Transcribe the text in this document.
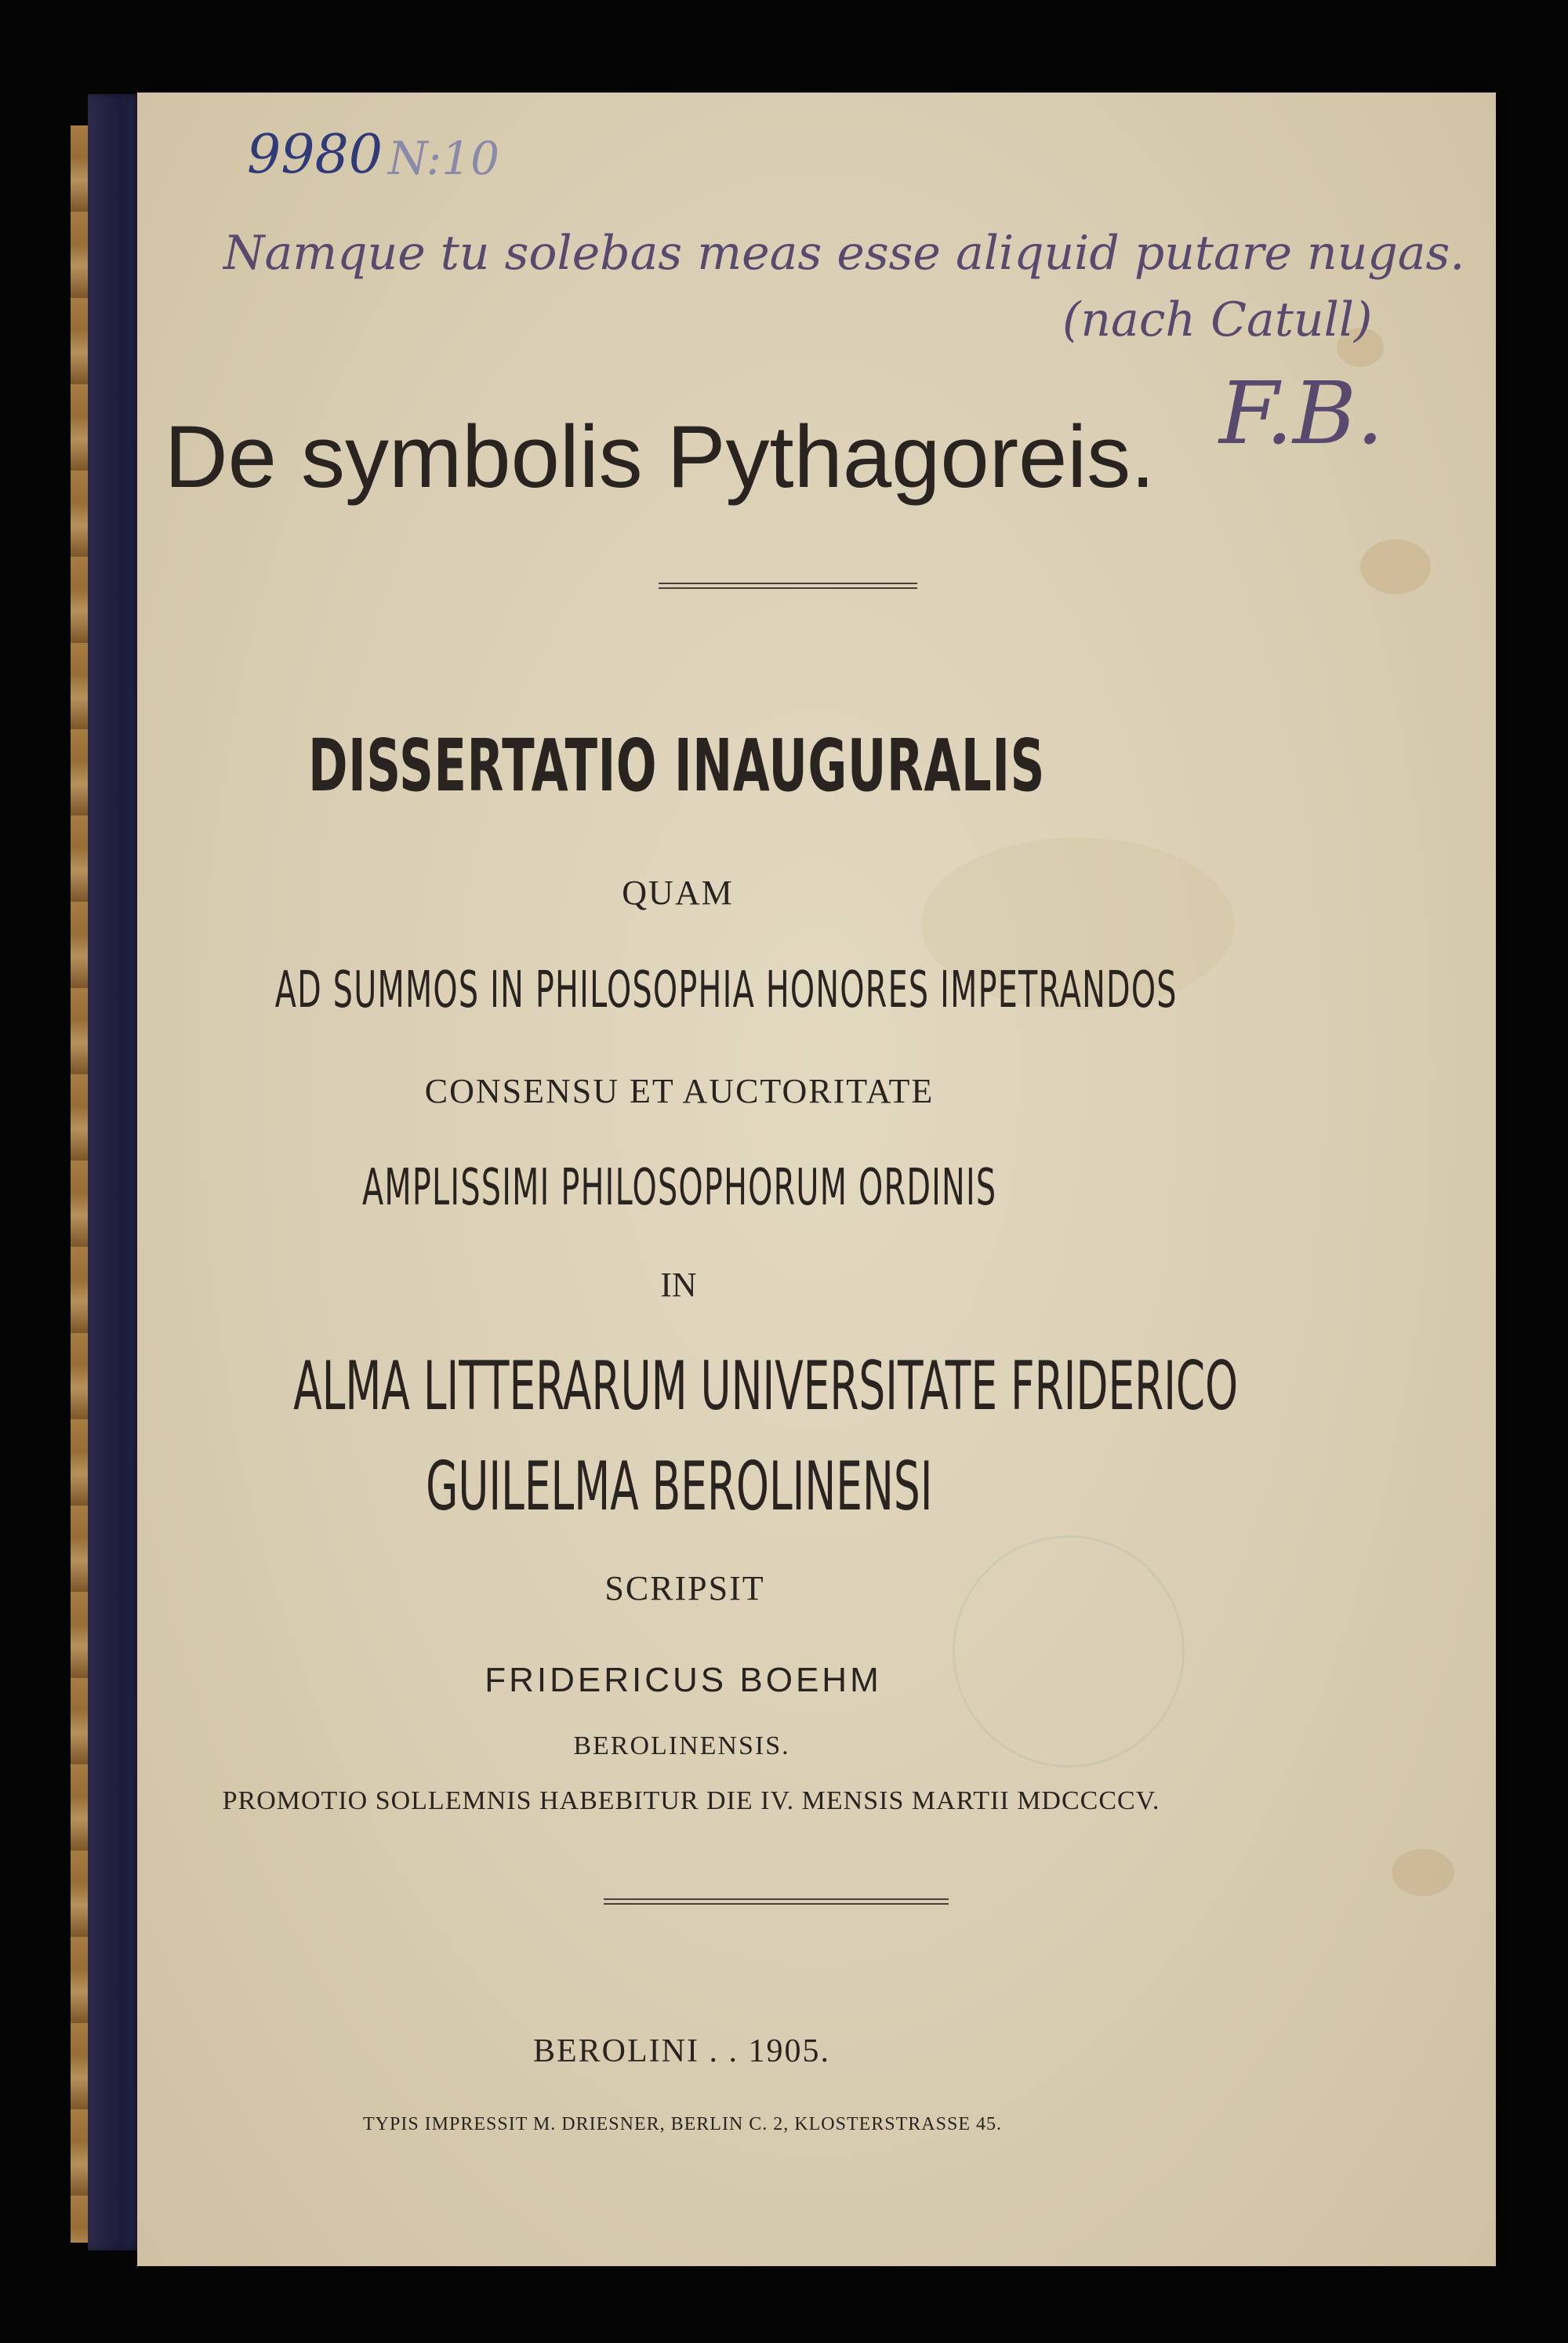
9980 N:10

Namque tu solebas meas esse aliquid putare nugas.

(nach Catull)

F.B.

De symbolis Pythagoreis.

DISSERTATIO INAUGURALIS

QUAM

AD SUMMOS IN PHILOSOPHIA HONORES IMPETRANDOS

CONSENSU ET AUCTORITATE

AMPLISSIMI PHILOSOPHORUM ORDINIS

IN

ALMA LITTERARUM UNIVERSITATE FRIDERICO

GUILELMA BEROLINENSI

SCRIPSIT

FRIDERICUS BOEHM

BEROLINENSIS.

PROMOTIO SOLLEMNIS HABEBITUR DIE IV. MENSIS MARTII MDCCCCV.

BEROLINI . . 1905.

TYPIS IMPRESSIT M. DRIESNER, BERLIN C. 2, KLOSTERSTRASSE 45.
